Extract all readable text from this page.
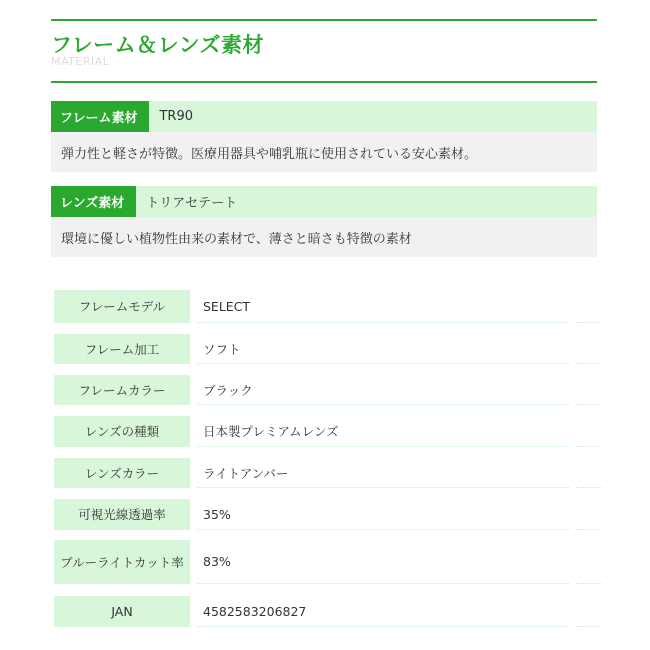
フレーム＆レンズ素材

MATERIAL

フレーム素材	TR90
弾力性と軽さが特徴。医療用器具や哺乳瓶に使用されている安心素材。
レンズ素材	トリアセテート
環境に優しい植物性由来の素材で、薄さと暗さも特徴の素材
フレームモデル	SELECT
フレーム加工	ソフト
フレームカラー	ブラック
レンズの種類	日本製プレミアムレンズ
レンズカラー	ライトアンバー
可視光線透過率	35%
ブルーライトカット率	83%
JAN	4582583206827
